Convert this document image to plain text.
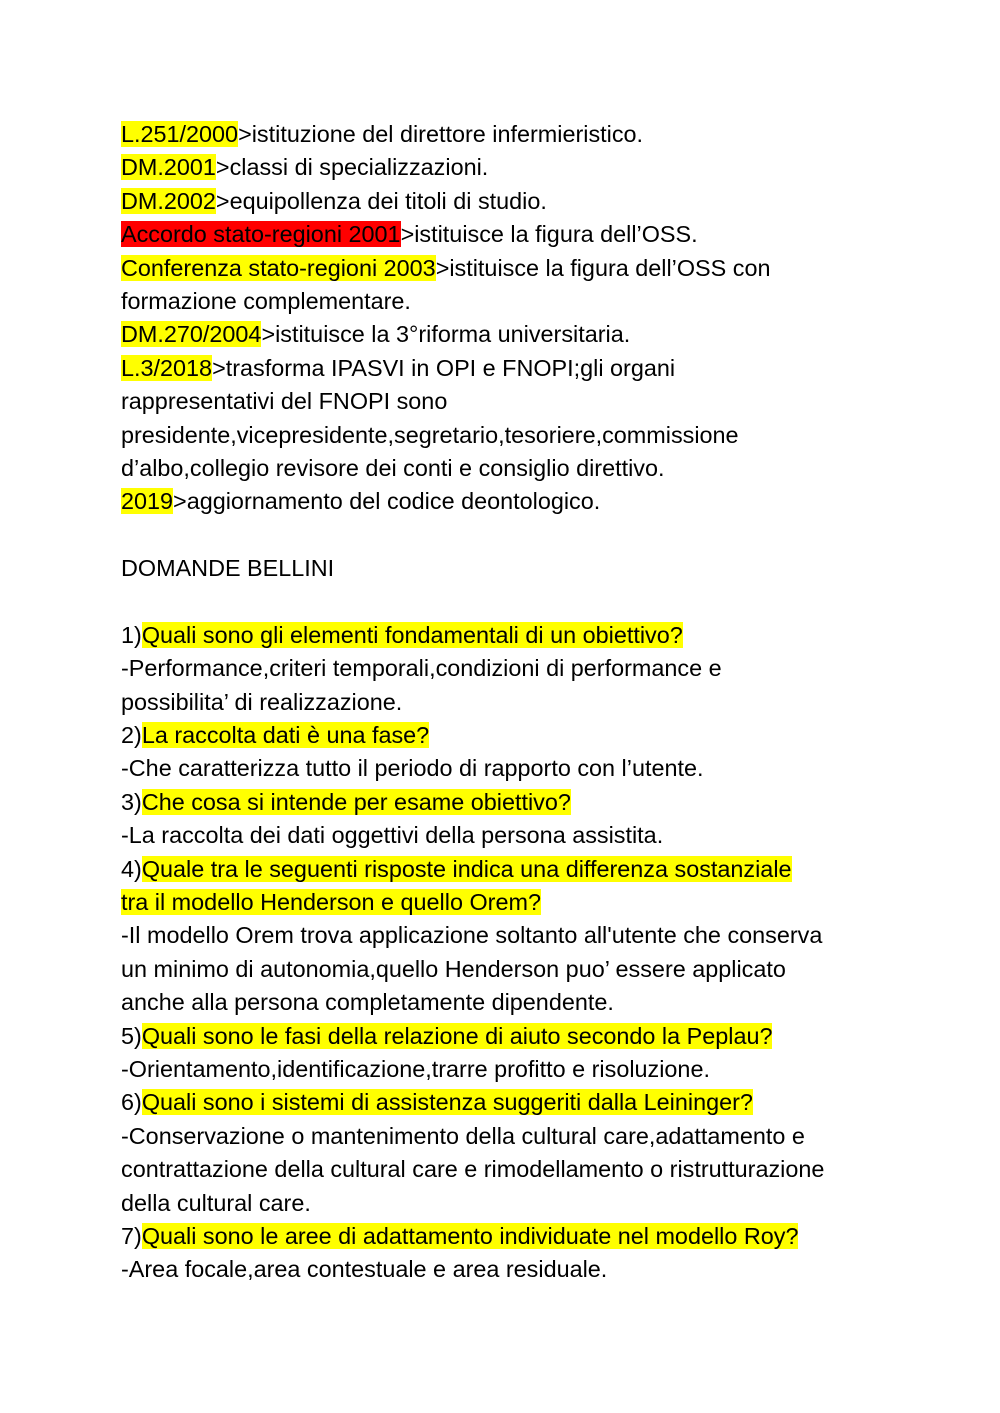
L.251/2000>istituzione del direttore infermieristico.
DM.2001>classi di specializzazioni.
DM.2002>equipollenza dei titoli di studio.
Accordo stato-regioni 2001>istituisce la figura dell’OSS.
Conferenza stato-regioni 2003>istituisce la figura dell’OSS con
formazione complementare.
DM.270/2004>istituisce la 3°riforma universitaria.
L.3/2018>trasforma IPASVI in OPI e FNOPI;gli organi
rappresentativi del FNOPI sono
presidente,vicepresidente,segretario,tesoriere,commissione
d’albo,collegio revisore dei conti e consiglio direttivo.
2019>aggiornamento del codice deontologico.
DOMANDE BELLINI
1)Quali sono gli elementi fondamentali di un obiettivo?
-Performance,criteri temporali,condizioni di performance e
possibilita’ di realizzazione.
2)La raccolta dati è una fase?
-Che caratterizza tutto il periodo di rapporto con l’utente.
3)Che cosa si intende per esame obiettivo?
-La raccolta dei dati oggettivi della persona assistita.
4)Quale tra le seguenti risposte indica una differenza sostanziale
tra il modello Henderson e quello Orem?
-Il modello Orem trova applicazione soltanto all'utente che conserva
un minimo di autonomia,quello Henderson puo’ essere applicato
anche alla persona completamente dipendente.
5)Quali sono le fasi della relazione di aiuto secondo la Peplau?
-Orientamento,identificazione,trarre profitto e risoluzione.
6)Quali sono i sistemi di assistenza suggeriti dalla Leininger?
-Conservazione o mantenimento della cultural care,adattamento e
contrattazione della cultural care e rimodellamento o ristrutturazione
della cultural care.
7)Quali sono le aree di adattamento individuate nel modello Roy?
-Area focale,area contestuale e area residuale.
